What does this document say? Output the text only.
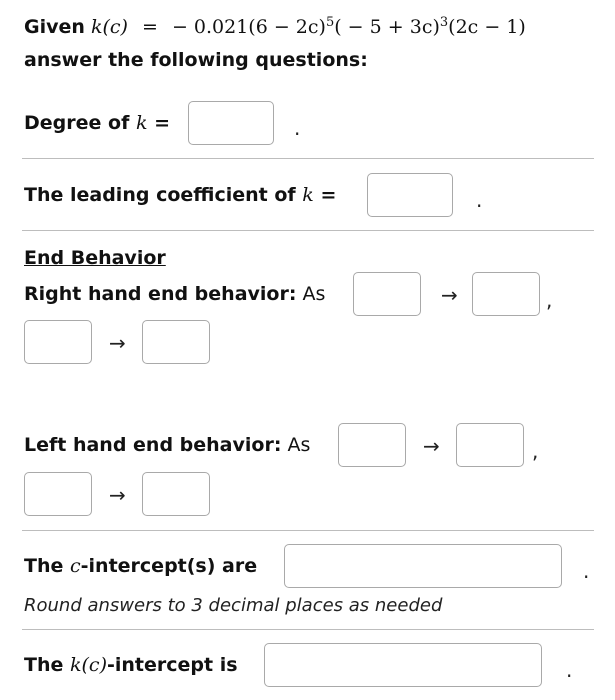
Given k(c) = − $0.021(6 - 2c)^5( - 5 + 3c)^3(2c - 1)$
answer the following questions:
Degree of k =	.
The leading coefficient of k =	.
End Behavior
Right hand end behavior: As	→	,
→
Left hand end behavior: As	→	,
→
The c-intercept(s) are	.
Round answers to 3 decimal places as needed
The k(c)-intercept is	.
